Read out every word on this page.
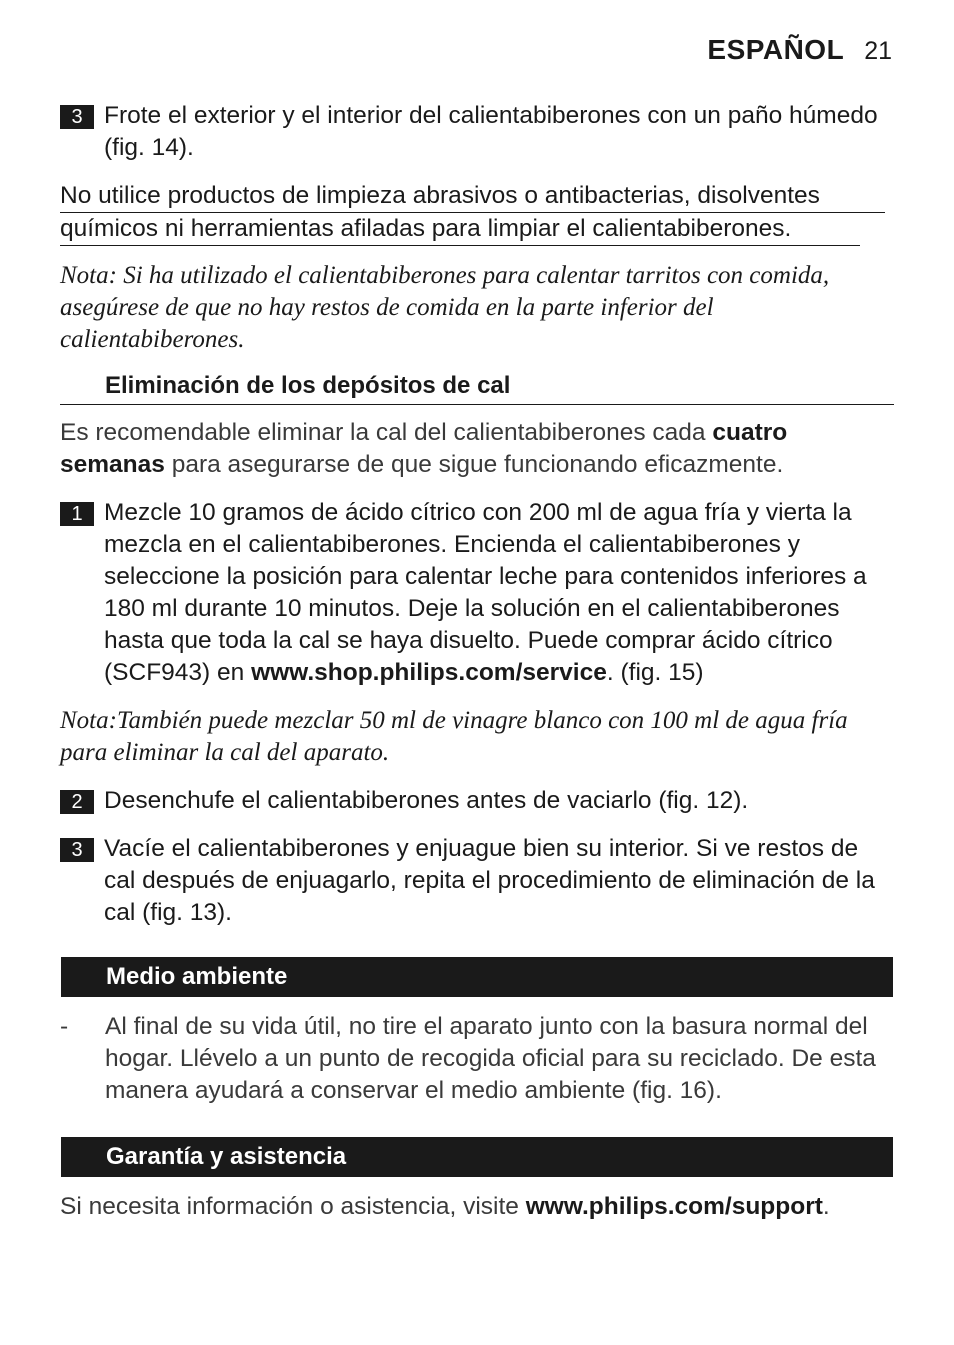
ESPAÑOL 21
3 Frote el exterior y el interior del calientabiberones con un paño húmedo (fig. 14).
No utilice productos de limpieza abrasivos o antibacterias, disolventes
químicos ni herramientas afiladas para limpiar el calientabiberones.
Nota: Si ha utilizado el calientabiberones para calentar tarritos con comida, asegúrese de que no hay restos de comida en la parte inferior del calientabiberones.
Eliminación de los depósitos de cal

Es recomendable eliminar la cal del calientabiberones cada cuatro semanas para asegurarse de que sigue funcionando eficazmente.

1 Mezcle 10 gramos de ácido cítrico con 200 ml de agua fría y vierta la mezcla en el calientabiberones. Encienda el calientabiberones y seleccione la posición para calentar leche para contenidos inferiores a 180 ml durante 10 minutos. Deje la solución en el calientabiberones hasta que toda la cal se haya disuelto. Puede comprar ácido cítrico (SCF943) en www.shop.philips.com/service. (fig. 15)
Nota:También puede mezclar 50 ml de vinagre blanco con 100 ml de agua fría para eliminar la cal del aparato.
2 Desenchufe el calientabiberones antes de vaciarlo (fig. 12).
3 Vacíe el calientabiberones y enjuague bien su interior. Si ve restos de cal después de enjuagarlo, repita el procedimiento de eliminación de la cal (fig. 13).
Medio ambiente
-	Al final de su vida útil, no tire el aparato junto con la basura normal del hogar. Llévelo a un punto de recogida oficial para su reciclado. De esta manera ayudará a conservar el medio ambiente (fig. 16).
Garantía y asistencia

Si necesita información o asistencia, visite www.philips.com/support.
